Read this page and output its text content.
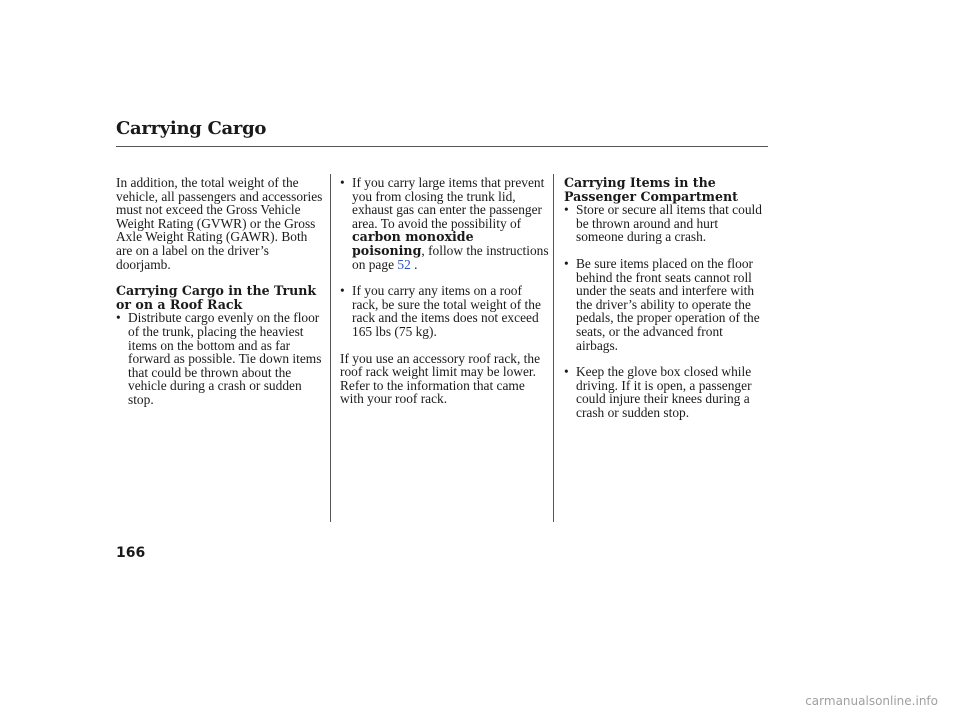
Carrying Cargo

In addition, the total weight of the vehicle, all passengers and accessories must not exceed the Gross Vehicle Weight Rating (GVWR) or the Gross Axle Weight Rating (GAWR). Both are on a label on the driver’s doorjamb.

Carrying Cargo in the Trunk or on a Roof Rack

• Distribute cargo evenly on the floor of the trunk, placing the heaviest items on the bottom and as far forward as possible. Tie down items that could be thrown about the vehicle during a crash or sudden stop.
• If you carry large items that prevent you from closing the trunk lid, exhaust gas can enter the passenger area. To avoid the possibility of carbon monoxide poisoning, follow the instructions on page 52 .
• If you carry any items on a roof rack, be sure the total weight of the rack and the items does not exceed 165 lbs (75 kg).

If you use an accessory roof rack, the roof rack weight limit may be lower. Refer to the information that came with your roof rack.

Carrying Items in the Passenger Compartment

• Store or secure all items that could be thrown around and hurt someone during a crash.
• Be sure items placed on the floor behind the front seats cannot roll under the seats and interfere with the driver’s ability to operate the pedals, the proper operation of the seats, or the advanced front airbags.
• Keep the glove box closed while driving. If it is open, a passenger could injure their knees during a crash or sudden stop.
166
carmanualsonline.info
